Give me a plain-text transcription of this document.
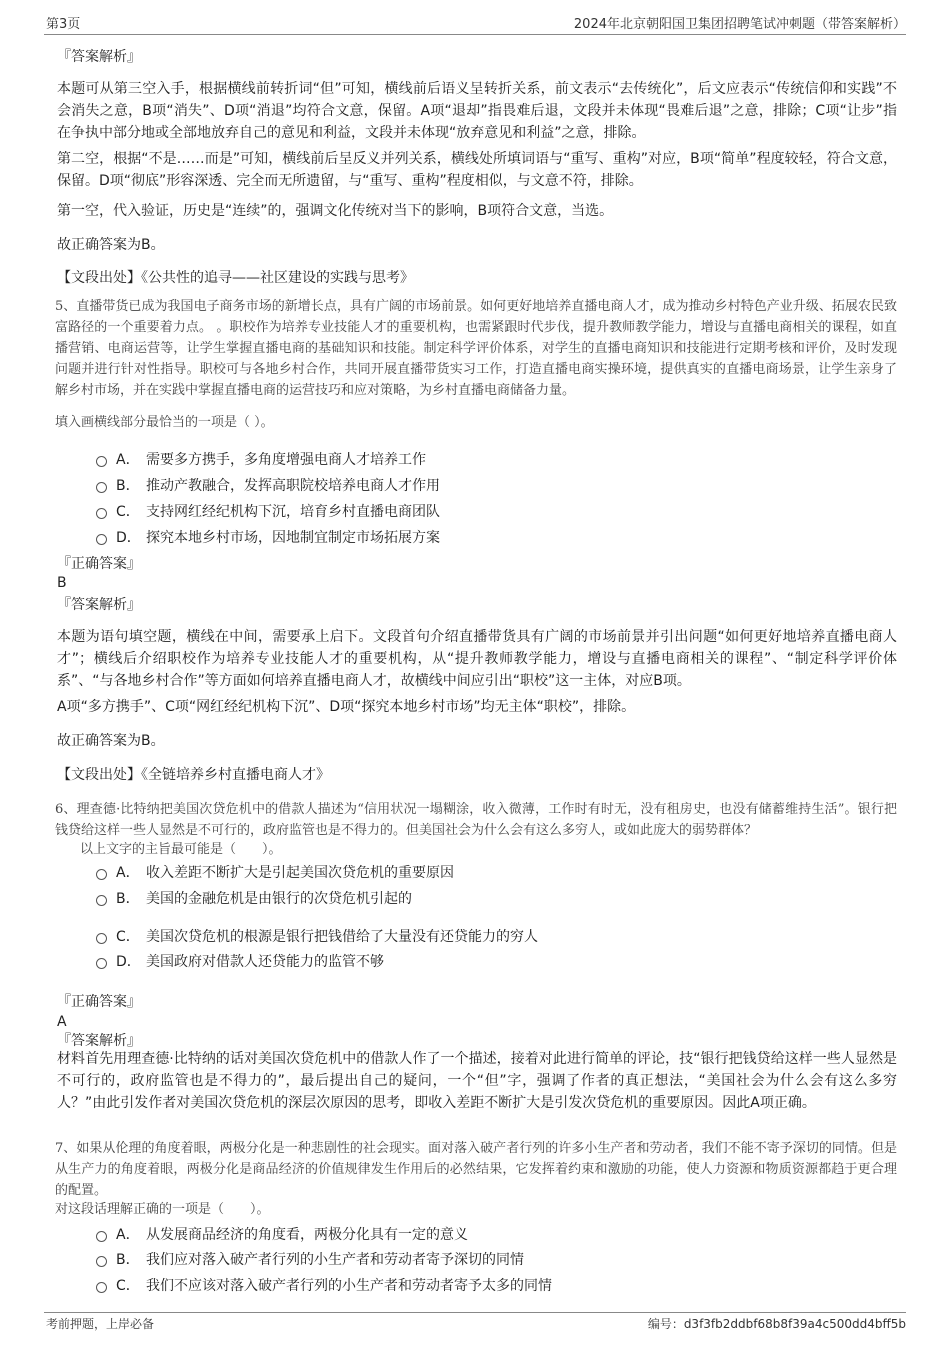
第3页	2024年北京朝阳国卫集团招聘笔试冲刺题（带答案解析）
『答案解析』
本题可从第三空入手，根据横线前转折词“但”可知，横线前后语义呈转折关系，前文表示“去传统化”，后文应表示“传统信仰和实践”不会消失之意，B项“消失”、D项“消退”均符合文意，保留。A项“退却”指畏难后退，文段并未体现“畏难后退”之意，排除；C项“让步”指在争执中部分地或全部地放弃自己的意见和利益，文段并未体现“放弃意见和利益”之意，排除。
第二空，根据“不是……而是”可知，横线前后呈反义并列关系，横线处所填词语与“重写、重构”对应，B项“简单”程度较轻，符合文意，保留。D项“彻底”形容深透、完全而无所遗留，与“重写、重构”程度相似，与文意不符，排除。
第一空，代入验证，历史是“连续”的，强调文化传统对当下的影响，B项符合文意，当选。
故正确答案为B。
【文段出处】《公共性的追寻——社区建设的实践与思考》
5、直播带货已成为我国电子商务市场的新增长点，具有广阔的市场前景。如何更好地培养直播电商人才，成为推动乡村特色产业升级、拓展农民致富路径的一个重要着力点。 。职校作为培养专业技能人才的重要机构，也需紧跟时代步伐，提升教师教学能力，增设与直播电商相关的课程，如直播营销、电商运营等，让学生掌握直播电商的基础知识和技能。制定科学评价体系，对学生的直播电商知识和技能进行定期考核和评价，及时发现问题并进行针对性指导。职校可与各地乡村合作，共同开展直播带货实习工作，打造直播电商实操环境，提供真实的直播电商场景，让学生亲身了解乡村市场，并在实践中掌握直播电商的运营技巧和应对策略，为乡村直播电商储备力量。
填入画横线部分最恰当的一项是（ ）。
A． 需要多方携手，多角度增强电商人才培养工作
B． 推动产教融合，发挥高职院校培养电商人才作用
C． 支持网红经纪机构下沉，培育乡村直播电商团队
D． 探究本地乡村市场，因地制宜制定市场拓展方案
『正确答案』
B
『答案解析』
本题为语句填空题，横线在中间，需要承上启下。文段首句介绍直播带货具有广阔的市场前景并引出问题“如何更好地培养直播电商人才”；横线后介绍职校作为培养专业技能人才的重要机构，从“提升教师教学能力，增设与直播电商相关的课程”、“制定科学评价体系”、“与各地乡村合作”等方面如何培养直播电商人才，故横线中间应引出“职校”这一主体，对应B项。
A项“多方携手”、C项“网红经纪机构下沉”、D项“探究本地乡村市场”均无主体“职校”，排除。
故正确答案为B。
【文段出处】《全链培养乡村直播电商人才》
6、理查德·比特纳把美国次贷危机中的借款人描述为“信用状况一塌糊涂，收入微薄，工作时有时无，没有租房史，也没有储蓄维持生活”。银行把钱贷给这样一些人显然是不可行的，政府监管也是不得力的。但美国社会为什么会有这么多穷人，或如此庞大的弱势群体？
以上文字的主旨最可能是（　　）。
A． 收入差距不断扩大是引起美国次贷危机的重要原因
B． 美国的金融危机是由银行的次贷危机引起的
C． 美国次贷危机的根源是银行把钱借给了大量没有还贷能力的穷人
D． 美国政府对借款人还贷能力的监管不够
『正确答案』
A
『答案解析』
材料首先用理查德·比特纳的话对美国次贷危机中的借款人作了一个描述，接着对此进行简单的评论，技“银行把钱贷给这样一些人显然是不可行的，政府监管也是不得力的”，最后提出自己的疑问，一个“但”字，强调了作者的真正想法，“美国社会为什么会有这么多穷人？”由此引发作者对美国次贷危机的深层次原因的思考，即收入差距不断扩大是引发次贷危机的重要原因。因此A项正确。
7、如果从伦理的角度着眼，两极分化是一种悲剧性的社会现实。面对落入破产者行列的许多小生产者和劳动者，我们不能不寄予深切的同情。但是从生产力的角度着眼，两极分化是商品经济的价值规律发生作用后的必然结果，它发挥着约束和激励的功能，使人力资源和物质资源都趋于更合理的配置。
对这段话理解正确的一项是（　　）。
A． 从发展商品经济的角度看，两极分化具有一定的意义
B． 我们应对落入破产者行列的小生产者和劳动者寄予深切的同情
C． 我们不应该对落入破产者行列的小生产者和劳动者寄予太多的同情
考前押题，上岸必备	编号：d3f3fb2ddbf68b8f39a4c500dd4bff5b
